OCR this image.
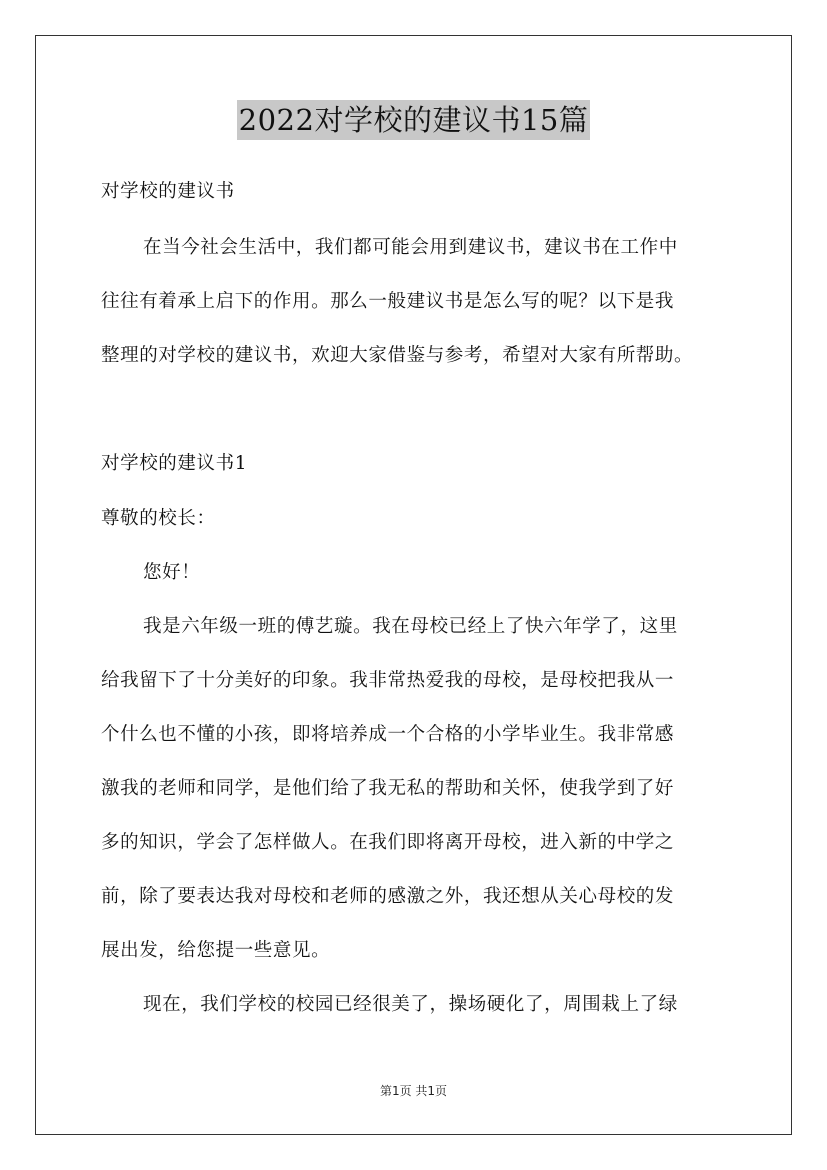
2022对学校的建议书15篇
对学校的建议书
在当今社会生活中，我们都可能会用到建议书，建议书在工作中
往往有着承上启下的作用。那么一般建议书是怎么写的呢？以下是我
整理的对学校的建议书，欢迎大家借鉴与参考，希望对大家有所帮助。
对学校的建议书1
尊敬的校长：
您好！
我是六年级一班的傅艺璇。我在母校已经上了快六年学了，这里
给我留下了十分美好的印象。我非常热爱我的母校，是母校把我从一
个什么也不懂的小孩，即将培养成一个合格的小学毕业生。我非常感
激我的老师和同学，是他们给了我无私的帮助和关怀，使我学到了好
多的知识，学会了怎样做人。在我们即将离开母校，进入新的中学之
前，除了要表达我对母校和老师的感激之外，我还想从关心母校的发
展出发，给您提一些意见。
现在，我们学校的校园已经很美了，操场硬化了，周围栽上了绿
第1页 共1页
